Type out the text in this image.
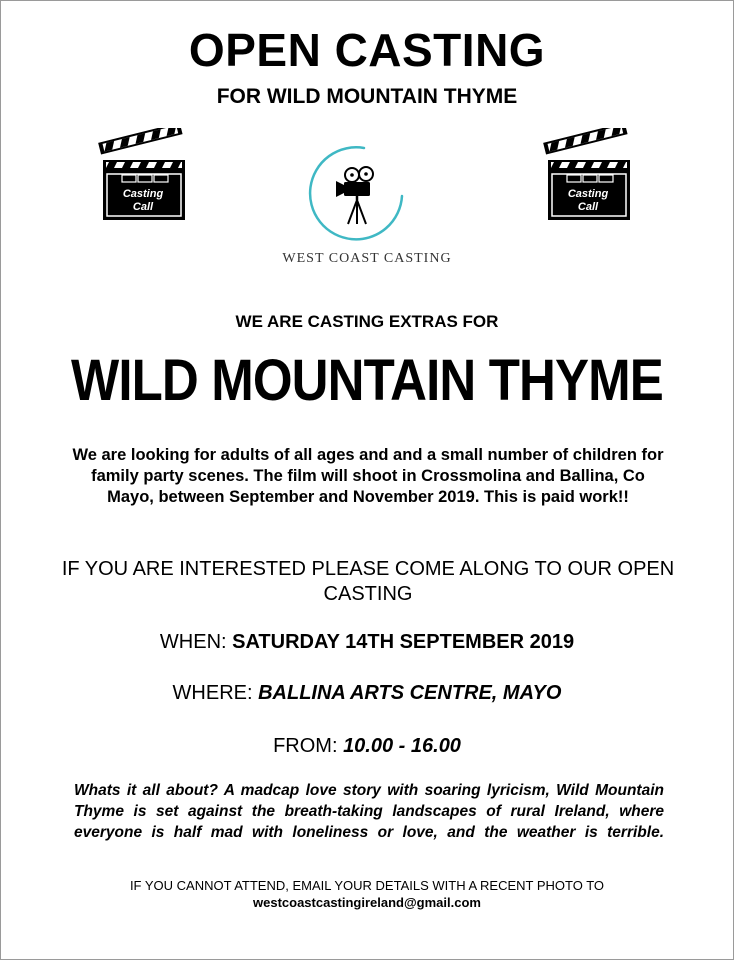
OPEN CASTING
FOR WILD MOUNTAIN THYME
Casting
Call
Casting
Call
WEST COAST CASTING
WE ARE CASTING EXTRAS FOR
WILD MOUNTAIN THYME
We are looking for adults of all ages and and a small number of children for family party scenes. The film will shoot in Crossmolina and Ballina, Co Mayo, between September and November 2019. This is paid work!!
IF YOU ARE INTERESTED PLEASE COME ALONG TO OUR OPEN CASTING
WHEN: SATURDAY 14TH SEPTEMBER 2019
WHERE: BALLINA ARTS CENTRE, MAYO
FROM: 10.00 - 16.00
Whats it all about? A madcap love story with soaring lyricism, Wild Mountain Thyme is set against the breath-taking landscapes of rural Ireland, where everyone is half mad with loneliness or love, and the weather is terrible.
IF YOU CANNOT ATTEND, EMAIL YOUR DETAILS WITH A RECENT PHOTO TO
westcoastcastingireland@gmail.com
